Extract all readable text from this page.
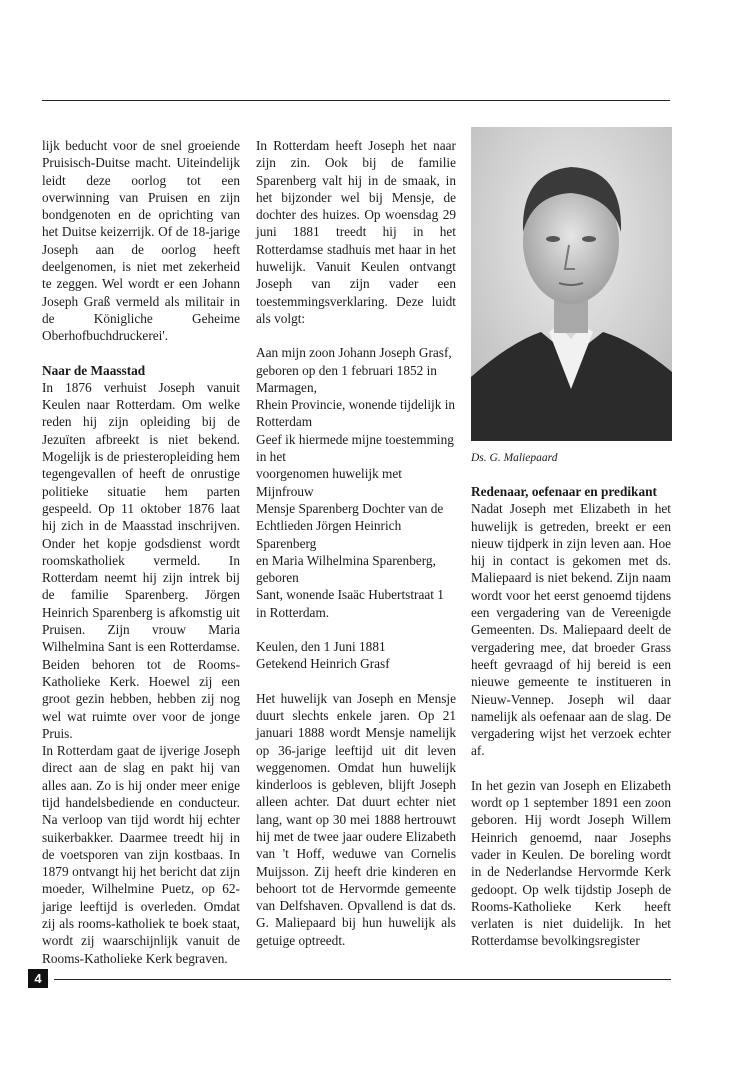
lijk beducht voor de snel groeiende Pruisisch-Duitse macht. Uiteindelijk leidt deze oorlog tot een overwinning van Pruisen en zijn bondgenoten en de oprichting van het Duitse keizerrijk. Of de 18-jarige Joseph aan de oorlog heeft deelgenomen, is niet met zekerheid te zeggen. Wel wordt er een Johann Joseph Graß vermeld als militair in de Königliche Geheime Oberhofbuchdruckerei'.

Naar de Maasstad

In 1876 verhuist Joseph vanuit Keulen naar Rotterdam. Om welke reden hij zijn opleiding bij de Jezuïten afbreekt is niet bekend. Mogelijk is de priesteropleiding hem tegengevallen of heeft de onrustige politieke situatie hem parten gespeeld. Op 11 oktober 1876 laat hij zich in de Maasstad inschrijven. Onder het kopje godsdienst wordt roomskatholiek vermeld. In Rotterdam neemt hij zijn intrek bij de familie Sparenberg. Jörgen Heinrich Sparenberg is afkomstig uit Pruisen. Zijn vrouw Maria Wilhelmina Sant is een Rotterdamse. Beiden behoren tot de Rooms-Katholieke Kerk. Hoewel zij een groot gezin hebben, hebben zij nog wel wat ruimte over voor de jonge Pruis.

In Rotterdam gaat de ijverige Joseph direct aan de slag en pakt hij van alles aan. Zo is hij onder meer enige tijd handelsbediende en conducteur. Na verloop van tijd wordt hij echter suikerbakker. Daarmee treedt hij in de voetsporen van zijn kostbaas. In 1879 ontvangt hij het bericht dat zijn moeder, Wilhelmine Puetz, op 62-jarige leeftijd is overleden. Omdat zij als rooms-katholiek te boek staat, wordt zij waarschijnlijk vanuit de Rooms-Katholieke Kerk begraven.

In Rotterdam heeft Joseph het naar zijn zin. Ook bij de familie Sparenberg valt hij in de smaak, in het bijzonder wel bij Mensje, de dochter des huizes. Op woensdag 29 juni 1881 treedt hij in het Rotterdamse stadhuis met haar in het huwelijk. Vanuit Keulen ontvangt Joseph van zijn vader een toestemmingsverklaring. Deze luidt als volgt:

Aan mijn zoon Johann Joseph Grasf,

geboren op den 1 februari 1852 in Marmagen,

Rhein Provincie, wonende tijdelijk in

Rotterdam

Geef ik hiermede mijne toestemming in het

voorgenomen huwelijk met Mijnfrouw

Mensje Sparenberg Dochter van de

Echtlieden Jörgen Heinrich Sparenberg

en Maria Wilhelmina Sparenberg, geboren

Sant, wonende Isaäc Hubertstraat 1 in Rotterdam.

Keulen, den 1 Juni 1881

Getekend Heinrich Grasf

Het huwelijk van Joseph en Mensje duurt slechts enkele jaren. Op 21 januari 1888 wordt Mensje namelijk op 36-jarige leeftijd uit dit leven weggenomen. Omdat hun huwelijk kinderloos is gebleven, blijft Joseph alleen achter. Dat duurt echter niet lang, want op 30 mei 1888 hertrouwt hij met de twee jaar oudere Elizabeth van 't Hoff, weduwe van Cornelis Muijsson. Zij heeft drie kinderen en behoort tot de Hervormde gemeente van Delfshaven. Opvallend is dat ds. G. Maliepaard bij hun huwelijk als getuige optreedt.

Ds. G. Maliepaard

Redenaar, oefenaar en predikant

Nadat Joseph met Elizabeth in het huwelijk is getreden, breekt er een nieuw tijdperk in zijn leven aan. Hoe hij in contact is gekomen met ds. Maliepaard is niet bekend. Zijn naam wordt voor het eerst genoemd tijdens een vergadering van de Vereenigde Gemeenten. Ds. Maliepaard deelt de vergadering mee, dat broeder Grass heeft gevraagd of hij bereid is een nieuwe gemeente te institueren in Nieuw-Vennep. Joseph wil daar namelijk als oefenaar aan de slag. De vergadering wijst het verzoek echter af.

In het gezin van Joseph en Elizabeth wordt op 1 september 1891 een zoon geboren. Hij wordt Joseph Willem Heinrich genoemd, naar Josephs vader in Keulen. De boreling wordt in de Nederlandse Hervormde Kerk gedoopt. Op welk tijdstip Joseph de Rooms-Katholieke Kerk heeft verlaten is niet duidelijk. In het Rotterdamse bevolkingsregister

4
